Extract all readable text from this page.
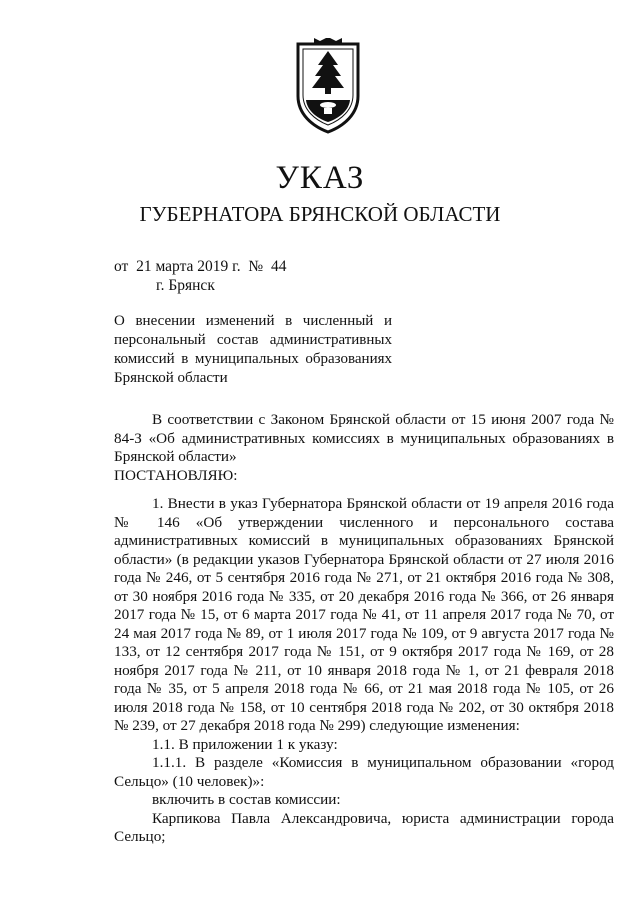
УКАЗ
ГУБЕРНАТОРА БРЯНСКОЙ ОБЛАСТИ
от  21 марта 2019 г.  №  44
г. Брянск

О внесении изменений в численный и персональный состав административных комиссий в муниципальных образованиях Брянской области

В соответствии с Законом Брянской области от 15 июня 2007 года № 84-З «Об административных комиссиях в муниципальных образованиях в Брянской области»

ПОСТАНОВЛЯЮ:

1. Внести в указ Губернатора Брянской области от 19 апреля 2016 года № 146 «Об утверждении численного и персонального состава административных комиссий в муниципальных образованиях Брянской области» (в редакции указов Губернатора Брянской области от 27 июля 2016 года № 246, от 5 сентября 2016 года № 271, от 21 октября 2016 года № 308, от 30 ноября 2016 года № 335, от 20 декабря 2016 года № 366, от 26 января 2017 года № 15, от 6 марта 2017 года № 41, от 11 апреля 2017 года № 70, от 24 мая 2017 года № 89, от 1 июля 2017 года № 109, от 9 августа 2017 года № 133, от 12 сентября 2017 года № 151, от 9 октября 2017 года № 169, от 28 ноября 2017 года № 211, от 10 января 2018 года № 1, от 21 февраля 2018 года № 35, от 5 апреля 2018 года № 66, от 21 мая 2018 года № 105, от 26 июля 2018 года № 158, от 10 сентября 2018 года № 202, от 30 октября 2018 № 239, от 27 декабря 2018 года № 299) следующие изменения:

1.1. В приложении 1 к указу:

1.1.1. В разделе «Комиссия в муниципальном образовании «город Сельцо» (10 человек)»:

включить в состав комиссии:

Карпикова Павла Александровича, юриста администрации города Сельцо;
